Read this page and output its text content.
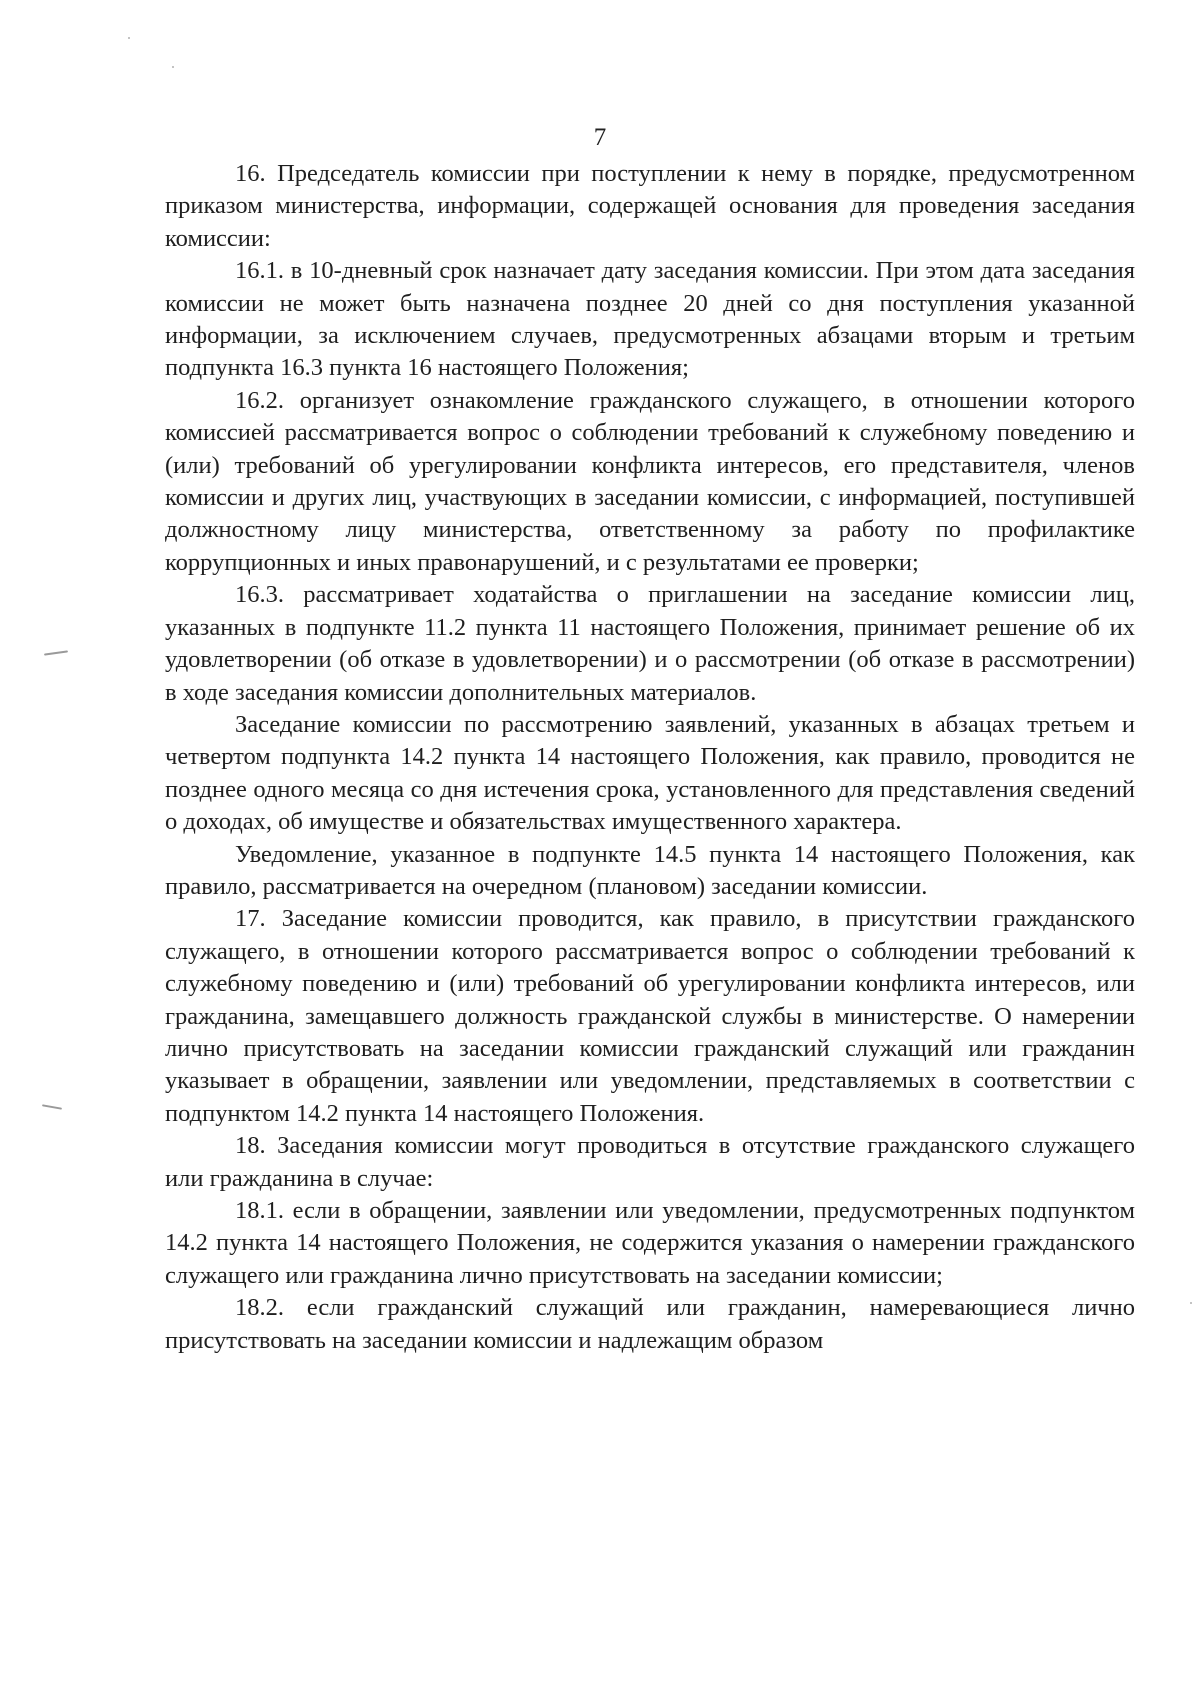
7

16. Председатель комиссии при поступлении к нему в порядке, предусмотренном приказом министерства, информации, содержащей основания для проведения заседания комиссии:

16.1. в 10-дневный срок назначает дату заседания комиссии. При этом дата заседания комиссии не может быть назначена позднее 20 дней со дня поступления указанной информации, за исключением случаев, предусмотренных абзацами вторым и третьим подпункта 16.3 пункта 16 настоящего Положения;

16.2. организует ознакомление гражданского служащего, в отношении которого комиссией рассматривается вопрос о соблюдении требований к служебному поведению и (или) требований об урегулировании конфликта интересов, его представителя, членов комиссии и других лиц, участвующих в заседании комиссии, с информацией, поступившей должностному лицу министерства, ответственному за работу по профилактике коррупционных и иных правонарушений, и с результатами ее проверки;

16.3. рассматривает ходатайства о приглашении на заседание комиссии лиц, указанных в подпункте 11.2 пункта 11 настоящего Положения, принимает решение об их удовлетворении (об отказе в удовлетворении) и о рассмотрении (об отказе в рассмотрении) в ходе заседания комиссии дополнительных материалов.

Заседание комиссии по рассмотрению заявлений, указанных в абзацах третьем и четвертом подпункта 14.2 пункта 14 настоящего Положения, как правило, проводится не позднее одного месяца со дня истечения срока, установленного для представления сведений о доходах, об имуществе и обязательствах имущественного характера.

Уведомление, указанное в подпункте 14.5 пункта 14 настоящего Положения, как правило, рассматривается на очередном (плановом) заседании комиссии.

17. Заседание комиссии проводится, как правило, в присутствии гражданского служащего, в отношении которого рассматривается вопрос о соблюдении требований к служебному поведению и (или) требований об урегулировании конфликта интересов, или гражданина, замещавшего должность гражданской службы в министерстве. О намерении лично присутствовать на заседании комиссии гражданский служащий или гражданин указывает в обращении, заявлении или уведомлении, представляемых в соответствии с подпунктом 14.2 пункта 14 настоящего Положения.

18. Заседания комиссии могут проводиться в отсутствие гражданского служащего или гражданина в случае:

18.1. если в обращении, заявлении или уведомлении, предусмотренных подпунктом 14.2 пункта 14 настоящего Положения, не содержится указания о намерении гражданского служащего или гражданина лично присутствовать на заседании комиссии;

18.2. если гражданский служащий или гражданин, намеревающиеся лично присутствовать на заседании комиссии и надлежащим образом
